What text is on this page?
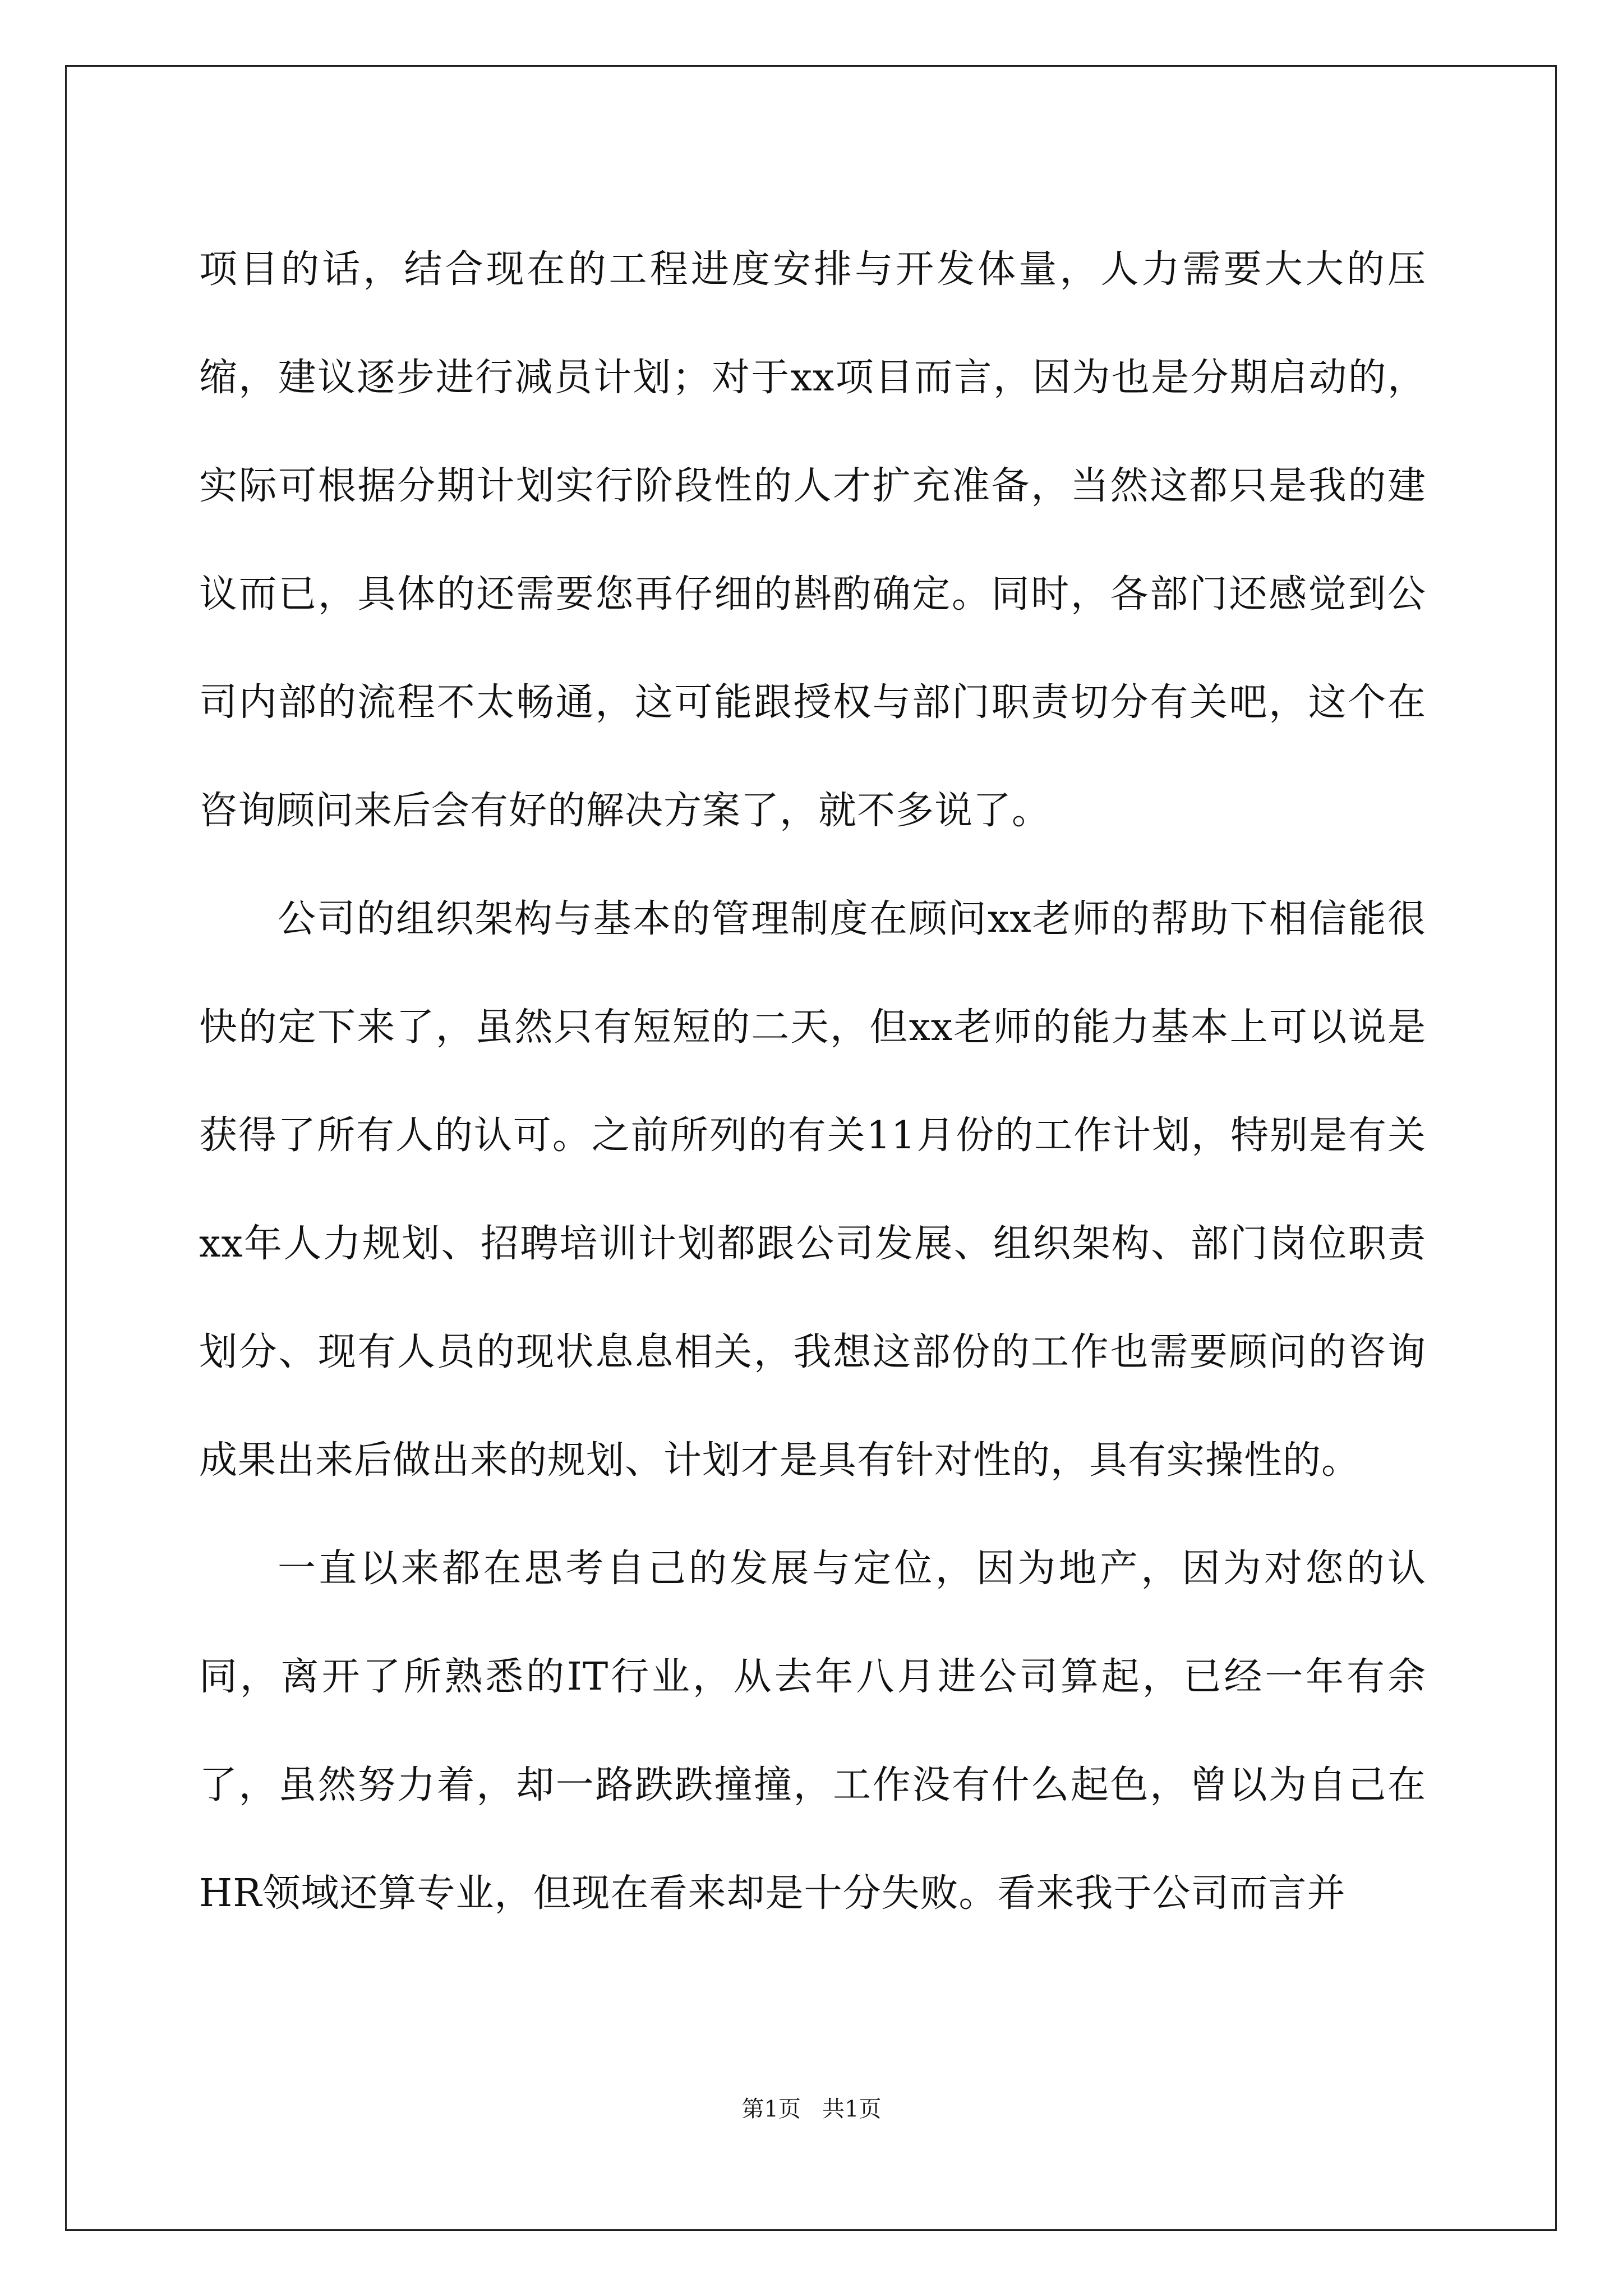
项目的话，结合现在的工程进度安排与开发体量，人力需要大大的压缩，建议逐步进行减员计划；对于xx项目而言，因为也是分期启动的，实际可根据分期计划实行阶段性的人才扩充准备，当然这都只是我的建议而已，具体的还需要您再仔细的斟酌确定。同时，各部门还感觉到公司内部的流程不太畅通，这可能跟授权与部门职责切分有关吧，这个在咨询顾问来后会有好的解决方案了，就不多说了。

公司的组织架构与基本的管理制度在顾问xx老师的帮助下相信能很快的定下来了，虽然只有短短的二天，但xx老师的能力基本上可以说是获得了所有人的认可。之前所列的有关11月份的工作计划，特别是有关xx年人力规划、招聘培训计划都跟公司发展、组织架构、部门岗位职责划分、现有人员的现状息息相关，我想这部份的工作也需要顾问的咨询成果出来后做出来的规划、计划才是具有针对性的，具有实操性的。

一直以来都在思考自己的发展与定位，因为地产，因为对您的认同，离开了所熟悉的IT行业，从去年八月进公司算起，已经一年有余了，虽然努力着，却一路跌跌撞撞，工作没有什么起色，曾以为自己在HR领域还算专业，但现在看来却是十分失败。看来我于公司而言并

第1页   共1页
